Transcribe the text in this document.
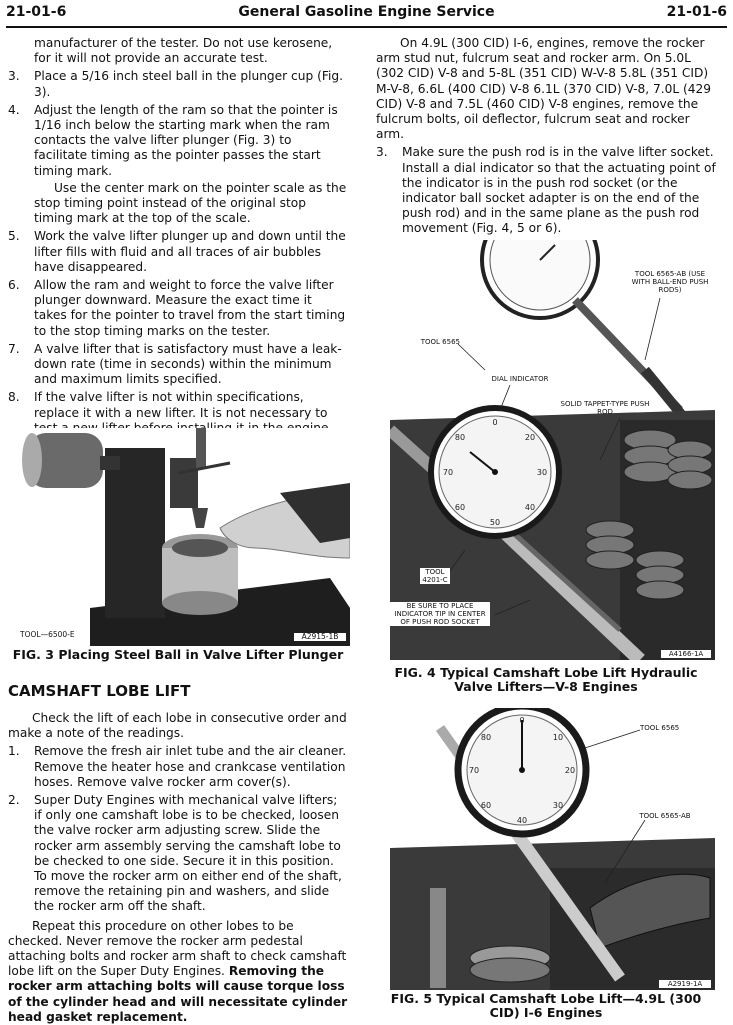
21-01-6	General Gasoline Engine Service	21-01-6

manufacturer of the tester. Do not use kerosene,

for it will not provide an accurate test.

3. Place a 5/16 inch steel ball in the plunger cup (Fig. 3).
4. Adjust the length of the ram so that the pointer is 1/16 inch below the starting mark when the ram contacts the valve lifter plunger (Fig. 3) to facilitate timing as the pointer passes the start timing mark.

Use the center mark on the pointer scale as the stop timing point instead of the original stop timing mark at the top of the scale.

5. Work the valve lifter plunger up and down until the lifter fills with fluid and all traces of air bubbles have disappeared.
6. Allow the ram and weight to force the valve lifter plunger downward. Measure the exact time it takes for the pointer to travel from the start timing to the stop timing marks on the tester.
7. A valve lifter that is satisfactory must have a leak-down rate (time in seconds) within the minimum and maximum limits specified.
8. If the valve lifter is not within specifications, replace it with a new lifter. It is not necessary to
TOOL—6500-E	A2915-1B
FIG. 3 Placing Steel Ball in Valve Lifter Plunger
CAMSHAFT LOBE LIFT

Check the lift of each lobe in consecutive order and make a note of the readings.

1. Remove the fresh air inlet tube and the air cleaner. Remove the heater hose and crankcase ventilation hoses. Remove valve rocker arm cover(s).
2. Super Duty Engines with mechanical valve lifters; if only one camshaft lobe is to be checked, loosen the valve rocker arm adjusting screw. Slide the rocker arm assembly serving the camshaft lobe to be checked to one side. Secure it in this position. To move the rocker arm on either end of the shaft, remove the retaining pin and washers, and slide the rocker arm off the shaft.

Repeat this procedure on other lobes to be checked. Never remove the rocker arm pedestal attaching bolts and rocker arm shaft to check camshaft lobe lift on the Super Duty Engines. Removing the rocker arm attaching bolts will cause torque loss of the cylinder head and will necessitate cylinder head gasket replacement.

On 4.9L (300 CID) I-6, engines, remove the rocker arm stud nut, fulcrum seat and rocker arm. On 5.0L (302 CID) V-8 and 5-8L (351 CID) W-V-8 5.8L (351 CID) M-V-8, 6.6L (400 CID) V-8 6.1L (370 CID) V-8, 7.0L (429 CID) V-8 and 7.5L (460 CID) V-8 engines, remove the fulcrum bolts, oil deflector, fulcrum seat and rocker arm.

3. Make sure the push rod is in the valve lifter socket. Install a dial indicator so that the actuating point of the indicator is in the push rod socket (or the indicator ball socket adapter is on the end of the push rod) and in the same plane as the push rod movement (Fig. 4, 5 or 6).
0
20
30
40
50
60
70
80
TOOL 6565-AB (USE WITH BALL-END PUSH RODS)
TOOL 6565
DIAL INDICATOR
SOLID TAPPET-TYPE PUSH ROD
TOOL 4201-C
BE SURE TO PLACE INDICATOR TIP IN CENTER OF PUSH ROD SOCKET
A4166-1A
FIG. 4 Typical Camshaft Lobe Lift Hydraulic Valve Lifters—V-8 Engines
0
10
20
30
40
60
70
80
TOOL 6565
TOOL 6565-AB
A2919-1A
FIG. 5 Typical Camshaft Lobe Lift—4.9L (300 CID) I-6 Engines
